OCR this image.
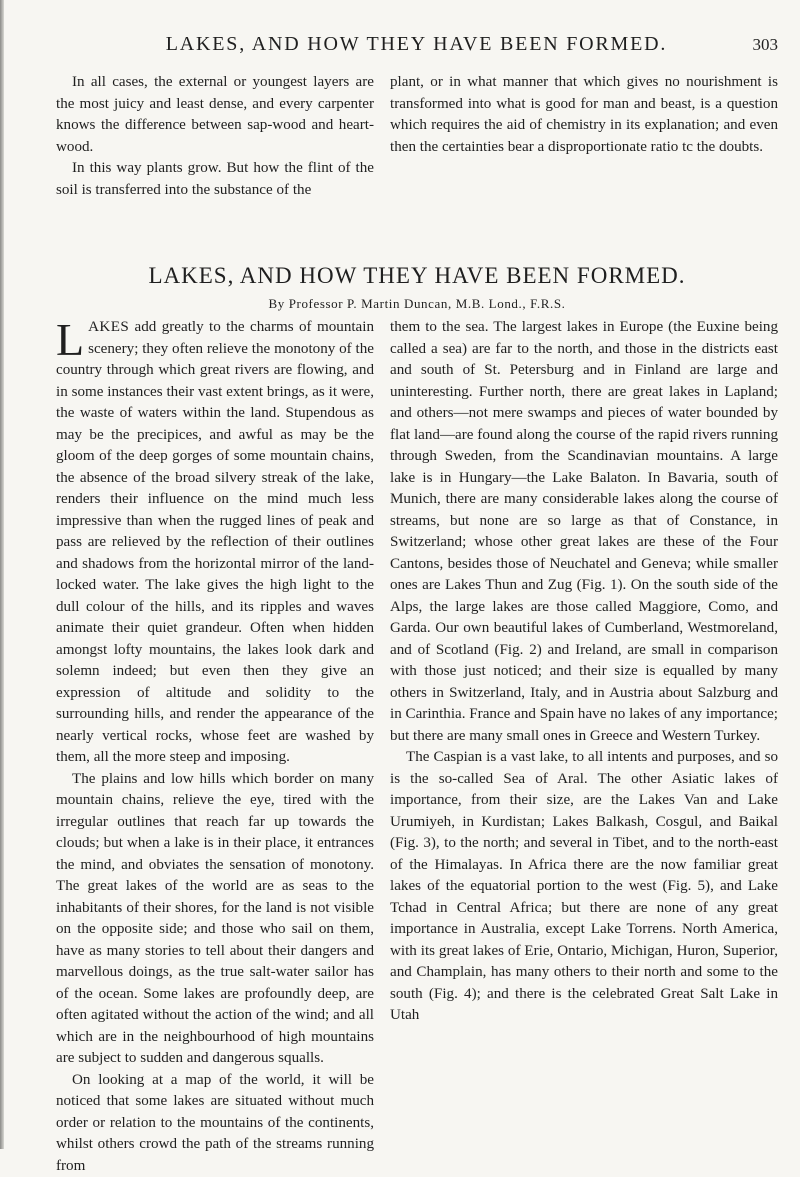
LAKES, AND HOW THEY HAVE BEEN FORMED.	303

In all cases, the external or youngest layers are the most juicy and least dense, and every carpenter knows the difference between sap-wood and heart-wood.

In this way plants grow. But how the flint of the soil is transferred into the substance of the

plant, or in what manner that which gives no nourishment is transformed into what is good for man and beast, is a question which requires the aid of chemistry in its explanation; and even then the certainties bear a disproportionate ratio tc the doubts.

LAKES, AND HOW THEY HAVE BEEN FORMED.
By Professor P. Martin Duncan, M.B. Lond., F.R.S.

LAKES add greatly to the charms of mountain scenery; they often relieve the monotony of the country through which great rivers are flowing, and in some instances their vast extent brings, as it were, the waste of waters within the land. Stupendous as may be the precipices, and awful as may be the gloom of the deep gorges of some mountain chains, the absence of the broad silvery streak of the lake, renders their influence on the mind much less impressive than when the rugged lines of peak and pass are relieved by the reflection of their outlines and shadows from the horizontal mirror of the land-locked water. The lake gives the high light to the dull colour of the hills, and its ripples and waves animate their quiet grandeur. Often when hidden amongst lofty mountains, the lakes look dark and solemn indeed; but even then they give an expression of altitude and solidity to the surrounding hills, and render the appearance of the nearly vertical rocks, whose feet are washed by them, all the more steep and imposing.

The plains and low hills which border on many mountain chains, relieve the eye, tired with the irregular outlines that reach far up towards the clouds; but when a lake is in their place, it entrances the mind, and obviates the sensation of monotony. The great lakes of the world are as seas to the inhabitants of their shores, for the land is not visible on the opposite side; and those who sail on them, have as many stories to tell about their dangers and marvellous doings, as the true salt-water sailor has of the ocean. Some lakes are profoundly deep, are often agitated without the action of the wind; and all which are in the neighbourhood of high mountains are subject to sudden and dangerous squalls.

On looking at a map of the world, it will be noticed that some lakes are situated without much order or relation to the mountains of the continents, whilst others crowd the path of the streams running from

them to the sea. The largest lakes in Europe (the Euxine being called a sea) are far to the north, and those in the districts east and south of St. Petersburg and in Finland are large and uninteresting. Further north, there are great lakes in Lapland; and others—not mere swamps and pieces of water bounded by flat land—are found along the course of the rapid rivers running through Sweden, from the Scandinavian mountains. A large lake is in Hungary—the Lake Balaton. In Bavaria, south of Munich, there are many considerable lakes along the course of streams, but none are so large as that of Constance, in Switzerland; whose other great lakes are these of the Four Cantons, besides those of Neuchatel and Geneva; while smaller ones are Lakes Thun and Zug (Fig. 1). On the south side of the Alps, the large lakes are those called Maggiore, Como, and Garda. Our own beautiful lakes of Cumberland, Westmoreland, and of Scotland (Fig. 2) and Ireland, are small in comparison with those just noticed; and their size is equalled by many others in Switzerland, Italy, and in Austria about Salzburg and in Carinthia. France and Spain have no lakes of any importance; but there are many small ones in Greece and Western Turkey.

The Caspian is a vast lake, to all intents and purposes, and so is the so-called Sea of Aral. The other Asiatic lakes of importance, from their size, are the Lakes Van and Lake Urumiyeh, in Kurdistan; Lakes Balkash, Cosgul, and Baikal (Fig. 3), to the north; and several in Tibet, and to the north-east of the Himalayas. In Africa there are the now familiar great lakes of the equatorial portion to the west (Fig. 5), and Lake Tchad in Central Africa; but there are none of any great importance in Australia, except Lake Torrens. North America, with its great lakes of Erie, Ontario, Michigan, Huron, Superior, and Champlain, has many others to their north and some to the south (Fig. 4); and there is the celebrated Great Salt Lake in Utah
